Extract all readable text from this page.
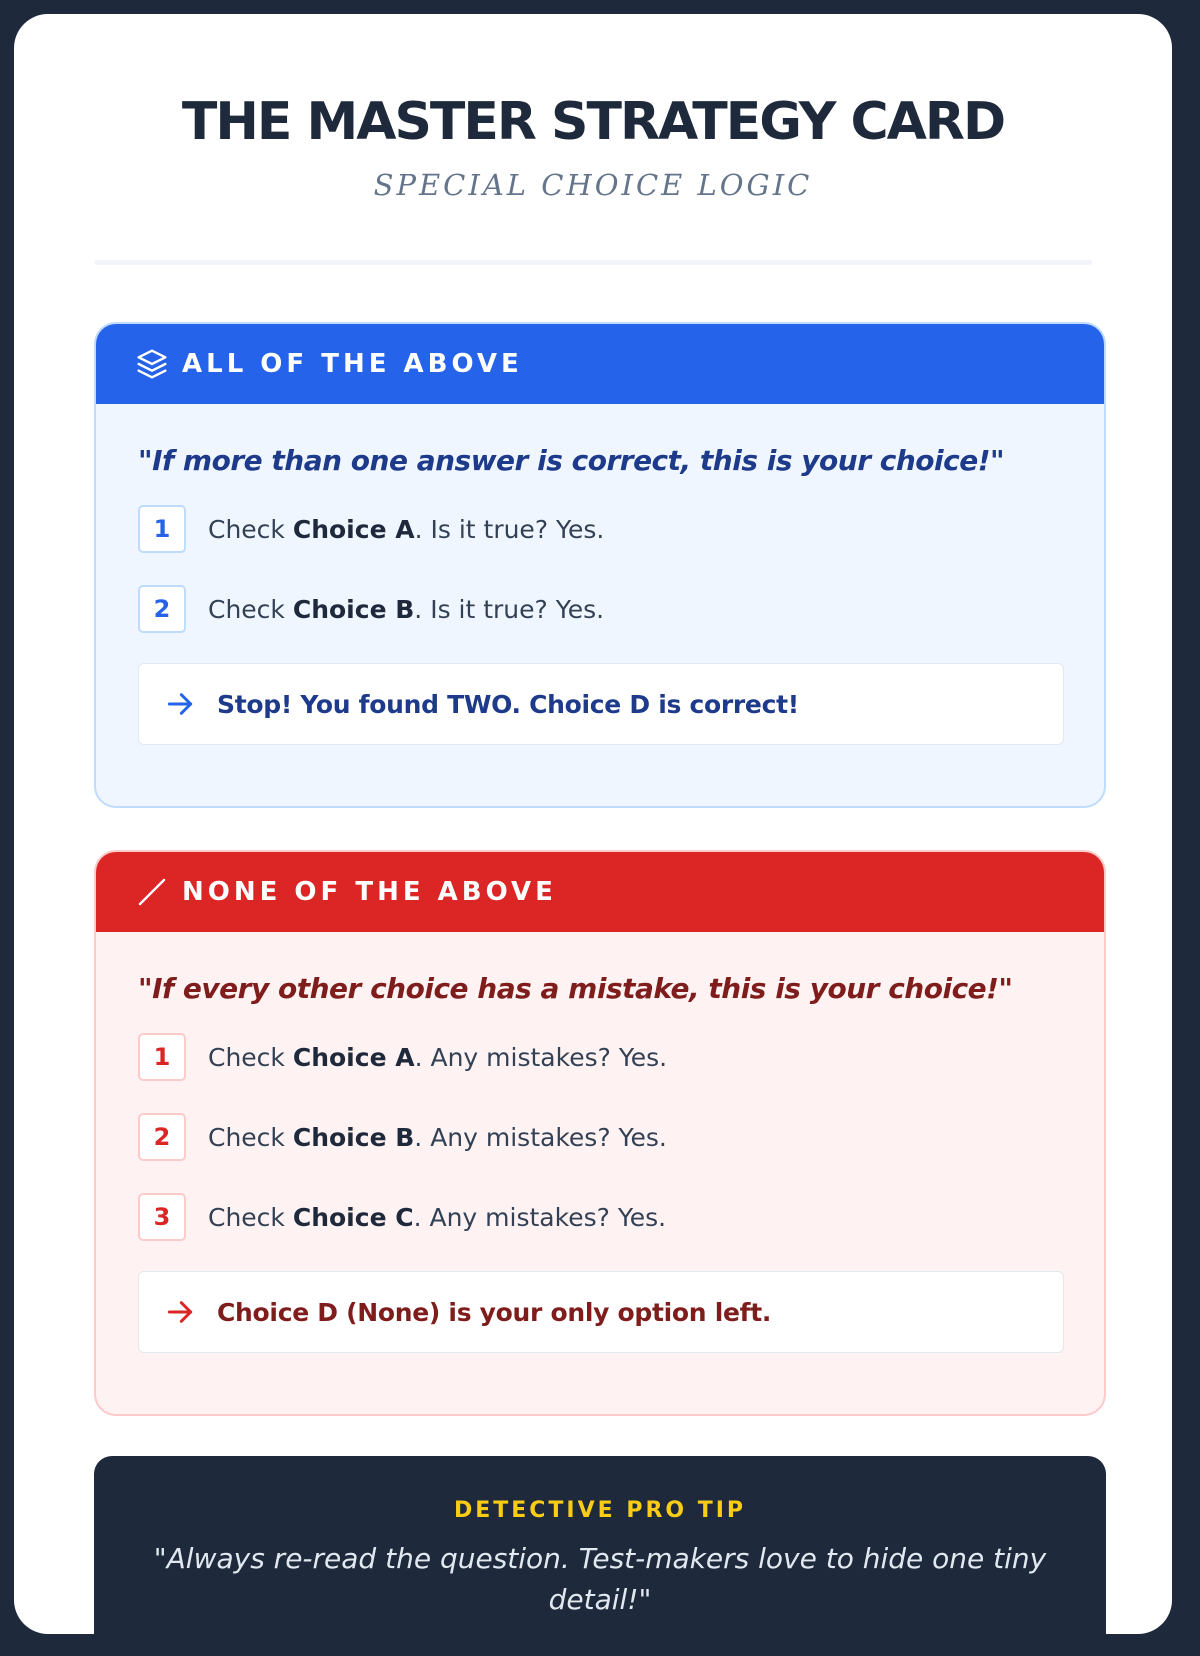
THE MASTER STRATEGY CARD
SPECIAL CHOICE LOGIC
ALL OF THE ABOVE
"If more than one answer is correct, this is your choice!"
1	Check Choice A. Is it true? Yes.
2	Check Choice B. Is it true? Yes.
Stop! You found TWO. Choice D is correct!
NONE OF THE ABOVE
"If every other choice has a mistake, this is your choice!"
1	Check Choice A. Any mistakes? Yes.
2	Check Choice B. Any mistakes? Yes.
3	Check Choice C. Any mistakes? Yes.
Choice D (None) is your only option left.
DETECTIVE PRO TIP
"Always re-read the question. Test-makers love to hide one tiny detail!"
